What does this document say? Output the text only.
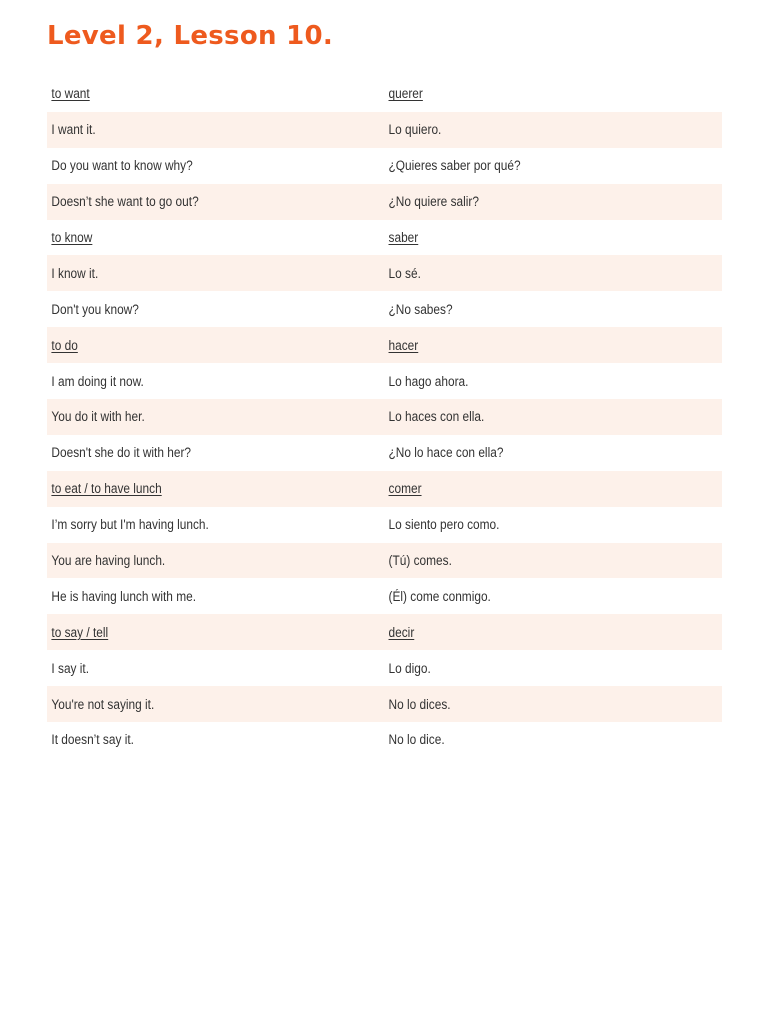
Level 2, Lesson 10.
to want	querer
I want it.	Lo quiero.
Do you want to know why?	¿Quieres saber por qué?
Doesn’t she want to go out?	¿No quiere salir?
to know	saber
I know it.	Lo sé.
Don't you know?	¿No sabes?
to do	hacer
I am doing it now.	Lo hago ahora.
You do it with her.	Lo haces con ella.
Doesn't she do it with her?	¿No lo hace con ella?
to eat / to have lunch	comer
I’m sorry but I'm having lunch.	Lo siento pero como.
You are having lunch.	(Tú) comes.
He is having lunch with me.	(Él) come conmigo.
to say / tell	decir
I say it.	Lo digo.
You're not saying it.	No lo dices.
It doesn’t say it.	No lo dice.
